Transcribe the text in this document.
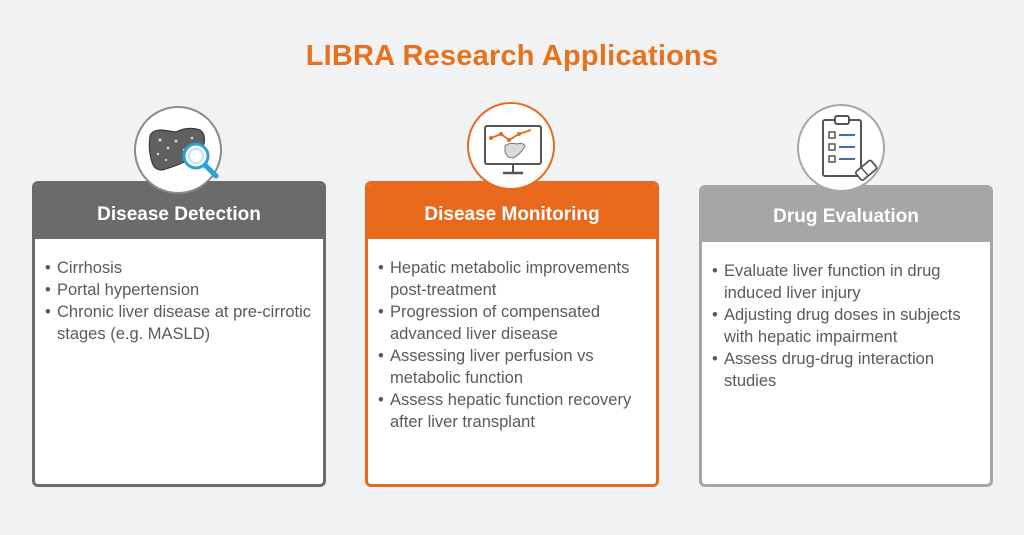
LIBRA Research Applications
Disease Detection
• Cirrhosis
• Portal hypertension
• Chronic liver disease at pre-cirrotic stages (e.g. MASLD)
Disease Monitoring
• Hepatic metabolic improvements post-treatment
• Progression of compensated advanced liver disease
• Assessing liver perfusion vs metabolic function
• Assess hepatic function recovery after liver transplant
Drug Evaluation
• Evaluate liver function in drug induced liver injury
• Adjusting drug doses in subjects with hepatic impairment
• Assess drug-drug interaction studies
